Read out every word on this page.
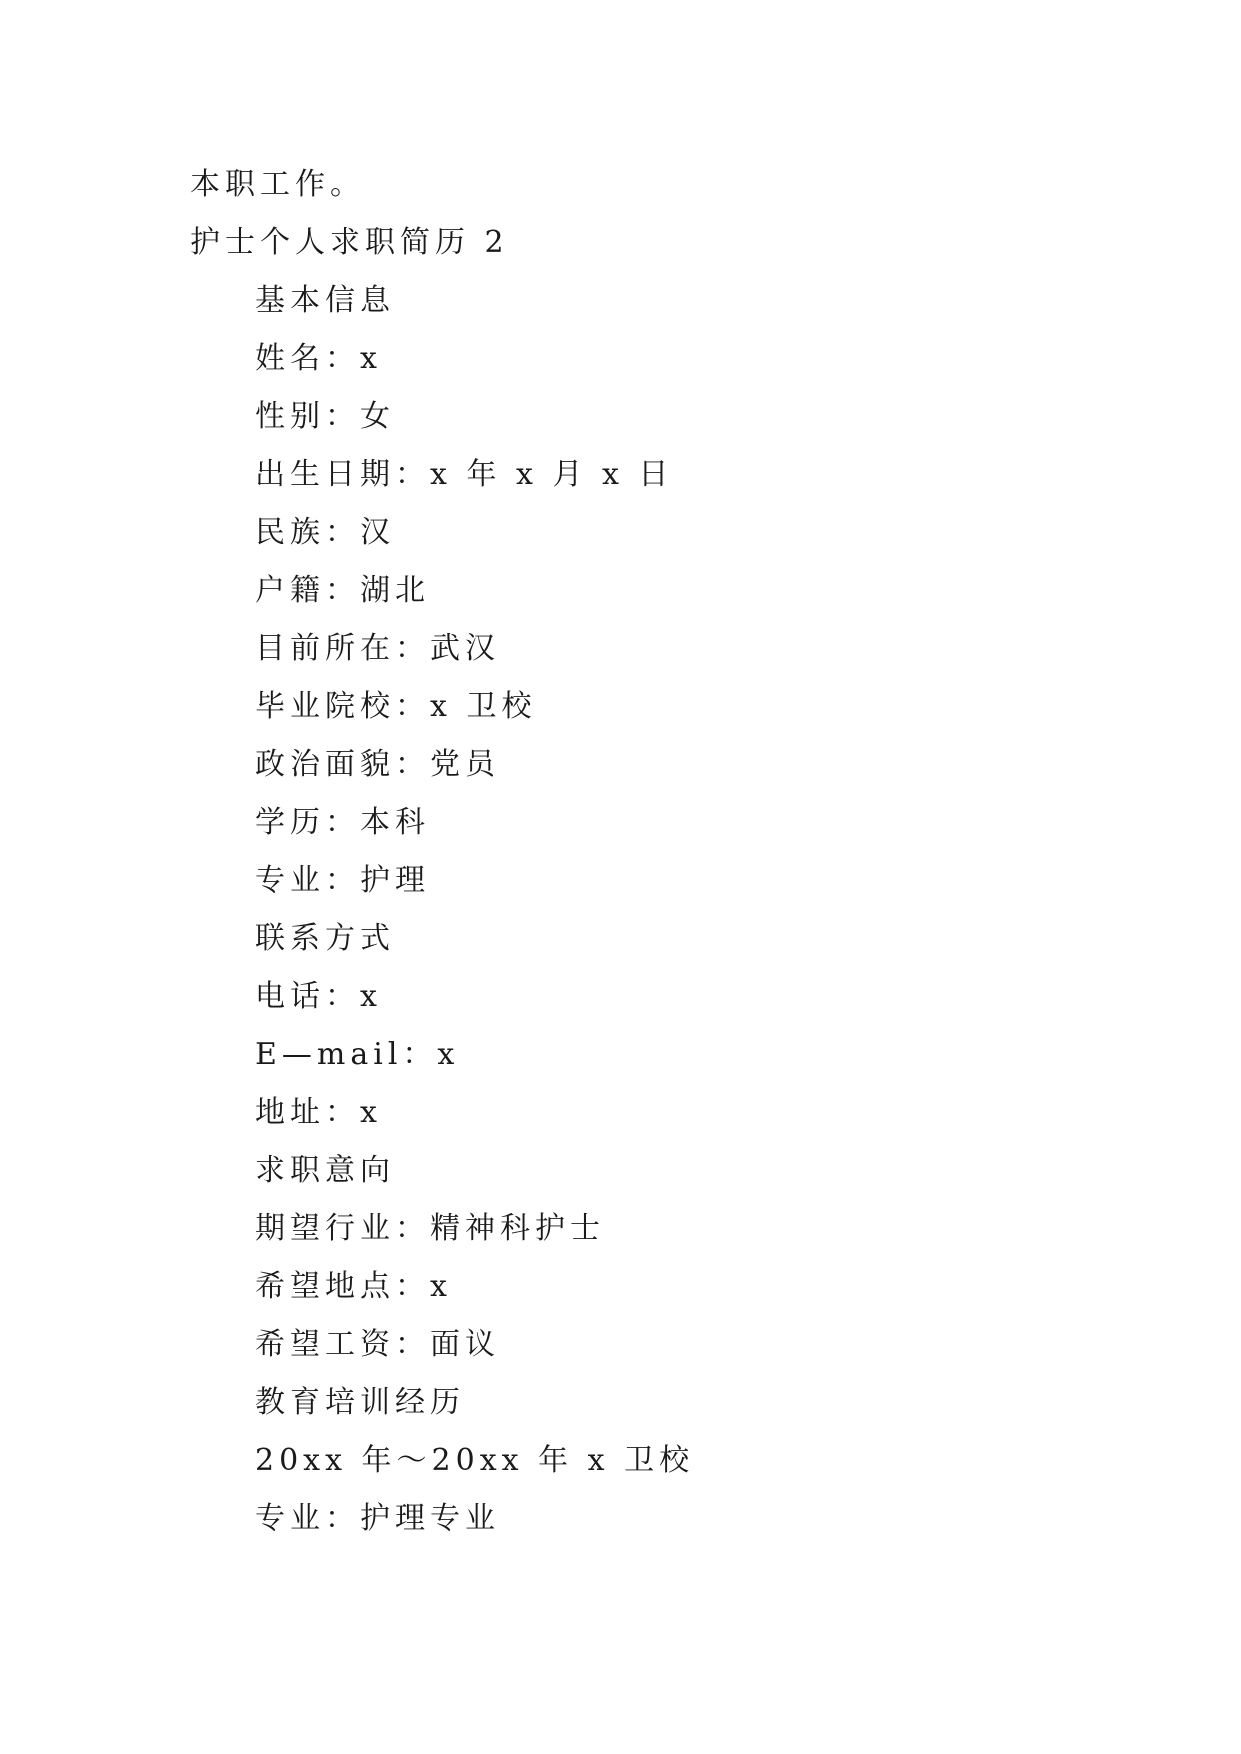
本职工作。
护士个人求职简历 2
基本信息
姓名：x
性别：女
出生日期：x 年 x 月 x 日
民族：汉
户籍：湖北
目前所在：武汉
毕业院校：x 卫校
政治面貌：党员
学历：本科
专业：护理
联系方式
电话：x
E—mail：x
地址：x
求职意向
期望行业：精神科护士
希望地点：x
希望工资：面议
教育培训经历
20xx 年～20xx 年 x 卫校
专业：护理专业
